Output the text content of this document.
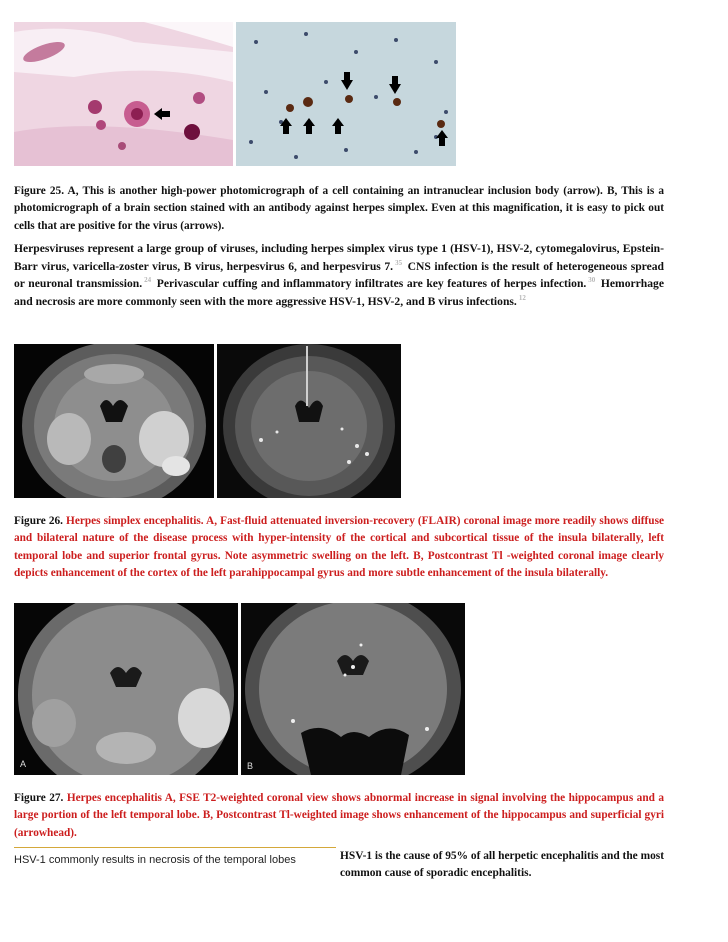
Figure 25. A, This is another high-power photomicrograph of a cell containing an intranuclear inclusion body (arrow). B, This is a photomicrograph of a brain section stained with an antibody against herpes simplex. Even at this magnification, it is easy to pick out cells that are positive for the virus (arrows).
Herpesviruses represent a large group of viruses, including herpes simplex virus type 1 (HSV-1), HSV-2, cytomegalovirus, Epstein- Barr virus, varicella-zoster virus, B virus, herpesvirus 6, and herpesvirus 7. $^{35}$ CNS infection is the result of heterogeneous spread or neuronal transmission. $^{24}$ Perivascular cuffing and inflammatory infiltrates are key features of herpes infection. $^{30}$ Hemorrhage and necrosis are more commonly seen with the more aggressive HSV-1, HSV-2, and B virus infections. $^{12}$
Figure 26. Herpes simplex encephalitis. A, Fast-fluid attenuated inversion-recovery (FLAIR) coronal image more readily shows diffuse and bilateral nature of the disease process with hyper-intensity of the cortical and subcortical tissue of the insula bilaterally, left temporal lobe and superior frontal gyrus. Note asymmetric swelling on the left. B, Postcontrast Tl -weighted coronal image clearly depicts enhancement of the cortex of the left parahippocampal gyrus and more subtle enhancement of the insula bilaterally.
A	B
Figure 27. Herpes encephalitis A, FSE T2-weighted coronal view shows abnormal increase in signal involving the hippocampus and a large portion of the left temporal lobe. B, Postcontrast Tl-weighted image shows enhancement of the hippocampus and superficial gyri (arrowhead).
HSV-1 commonly results in necrosis of the temporal lobes	HSV-1 is the cause of 95% of all herpetic encephalitis and the most common cause of sporadic encephalitis.
